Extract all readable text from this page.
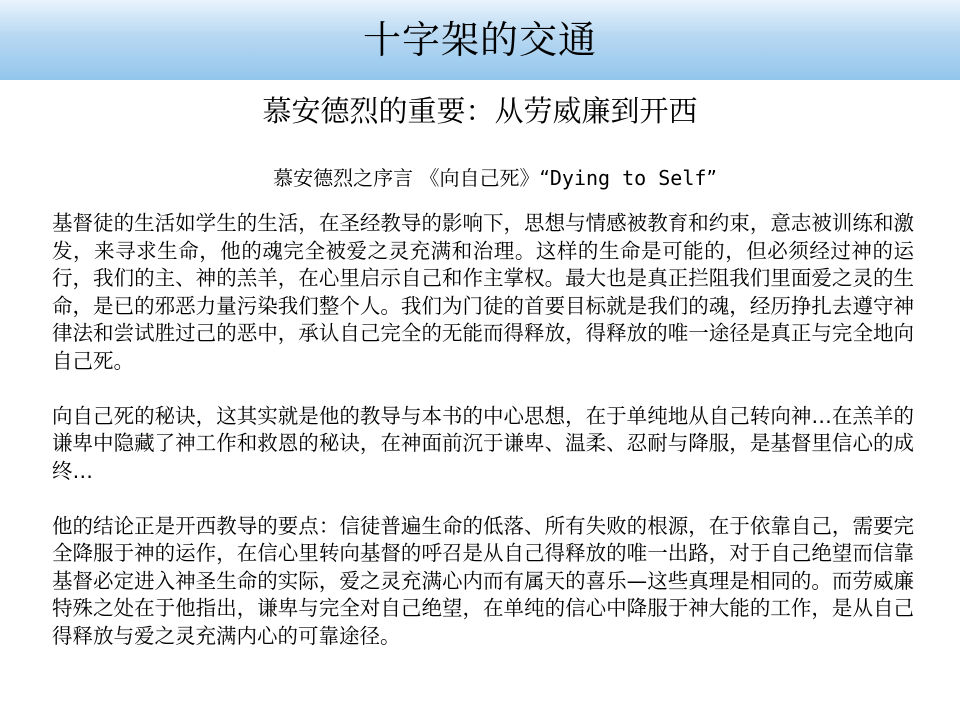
十字架的交通
慕安德烈的重要：从劳威廉到开西
慕安德烈之序言 《向自己死》“Dying to Self”

基督徒的生活如学生的生活，在圣经教导的影响下，思想与情感被教育和约束，意志被训练和激发，来寻求生命，他的魂完全被爱之灵充满和治理。这样的生命是可能的，但必须经过神的运行，我们的主、神的羔羊，在心里启示自己和作主掌权。最大也是真正拦阻我们里面爱之灵的生命，是已的邪恶力量污染我们整个人。我们为门徒的首要目标就是我们的魂，经历挣扎去遵守神律法和尝试胜过己的恶中，承认自己完全的无能而得释放，得释放的唯一途径是真正与完全地向自己死。

向自己死的秘诀，这其实就是他的教导与本书的中心思想，在于单纯地从自己转向神…在羔羊的谦卑中隐藏了神工作和救恩的秘诀，在神面前沉于谦卑、温柔、忍耐与降服，是基督里信心的成终…

他的结论正是开西教导的要点：信徒普遍生命的低落、所有失败的根源，在于依靠自己，需要完全降服于神的运作，在信心里转向基督的呼召是从自己得释放的唯一出路，对于自己绝望而信靠基督必定进入神圣生命的实际，爱之灵充满心内而有属天的喜乐—这些真理是相同的。而劳威廉特殊之处在于他指出，谦卑与完全对自己绝望，在单纯的信心中降服于神大能的工作，是从自己得释放与爱之灵充满内心的可靠途径。
